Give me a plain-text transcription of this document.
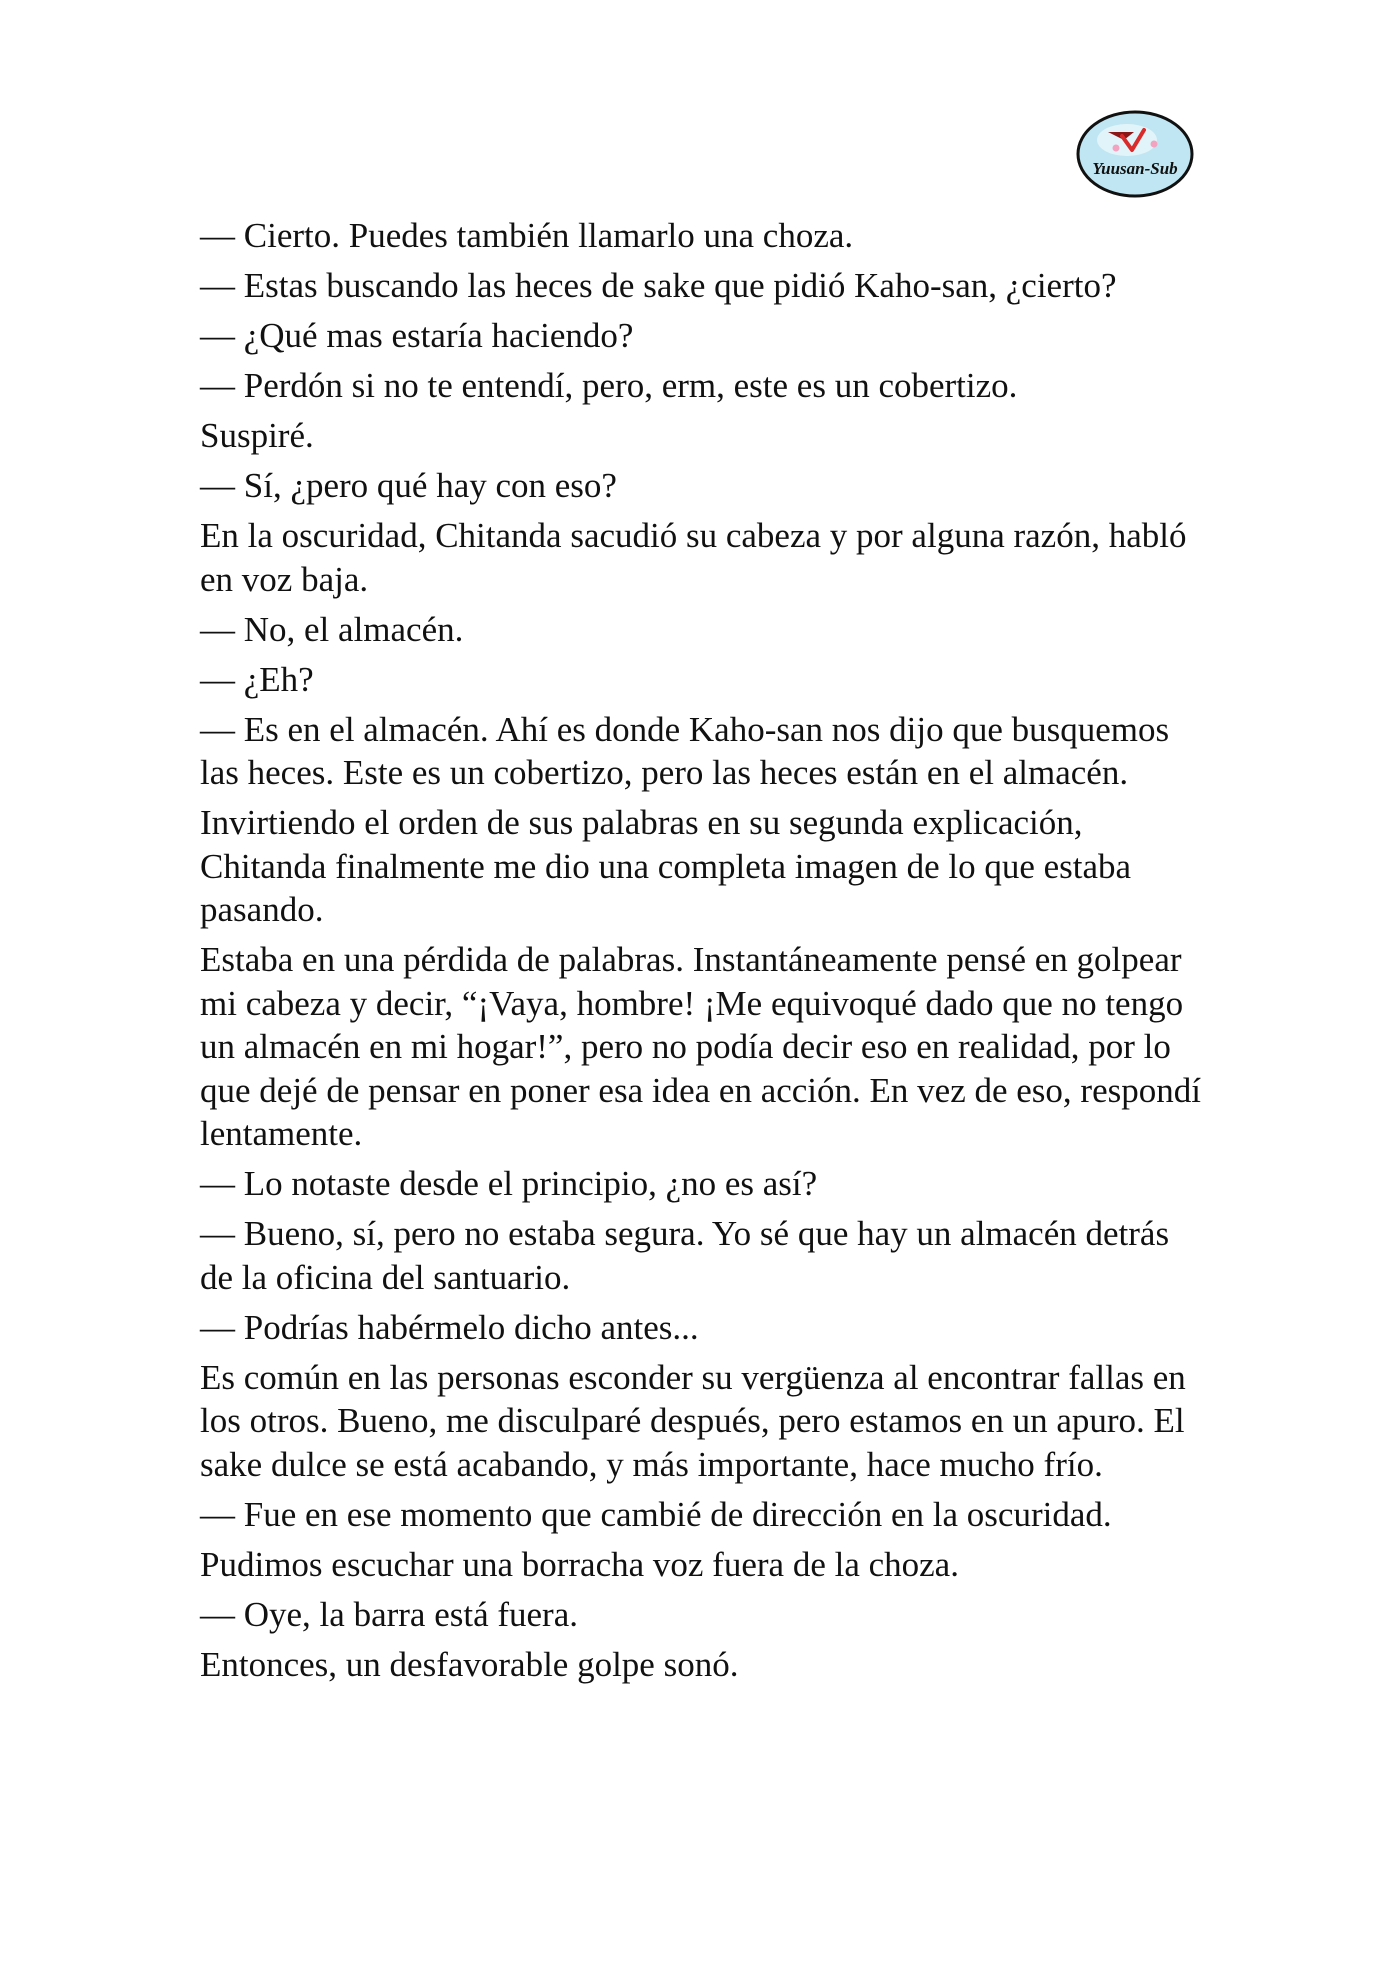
Yuusan-Sub

— Cierto. Puedes también llamarlo una choza.

— Estas buscando las heces de sake que pidió Kaho-san, ¿cierto?

— ¿Qué mas estaría haciendo?

— Perdón si no te entendí, pero, erm, este es un cobertizo.

Suspiré.

— Sí, ¿pero qué hay con eso?

En la oscuridad, Chitanda sacudió su cabeza y por alguna razón, habló en voz baja.

— No, el almacén.

— ¿Eh?

— Es en el almacén. Ahí es donde Kaho-san nos dijo que busquemos las heces. Este es un cobertizo, pero las heces están en el almacén.

Invirtiendo el orden de sus palabras en su segunda explicación, Chitanda finalmente me dio una completa imagen de lo que estaba pasando.

Estaba en una pérdida de palabras. Instantáneamente pensé en golpear mi cabeza y decir, “¡Vaya, hombre! ¡Me equivoqué dado que no tengo un almacén en mi hogar!”, pero no podía decir eso en realidad, por lo que dejé de pensar en poner esa idea en acción. En vez de eso, respondí lentamente.

— Lo notaste desde el principio, ¿no es así?

— Bueno, sí, pero no estaba segura. Yo sé que hay un almacén detrás de la oficina del santuario.

— Podrías habérmelo dicho antes...

Es común en las personas esconder su vergüenza al encontrar fallas en los otros. Bueno, me disculparé después, pero estamos en un apuro. El sake dulce se está acabando, y más importante, hace mucho frío.

— Fue en ese momento que cambié de dirección en la oscuridad.

Pudimos escuchar una borracha voz fuera de la choza.

— Oye, la barra está fuera.

Entonces, un desfavorable golpe sonó.
